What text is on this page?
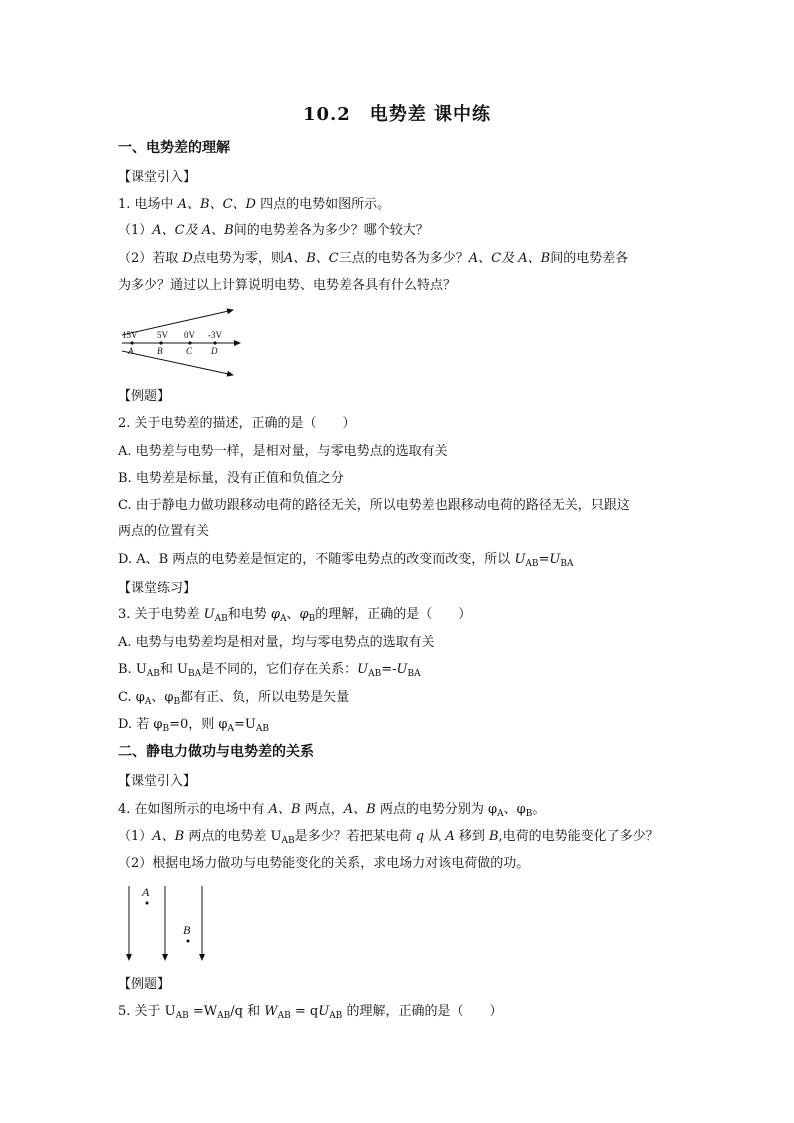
10.2　电势差 课中练
一、电势差的理解
【课堂引入】
1. 电场中 A、B、C、D 四点的电势如图所示。
（1）A、C及 A、B间的电势差各为多少？哪个较大？
（2）若取 D点电势为零，则A、B、C三点的电势各为多少？A、C及 A、B间的电势差各
为多少？通过以上计算说明电势、电势差各具有什么特点？
15V 5V 0V -3V
A	B	C D
【例题】
2. 关于电势差的描述，正确的是（　　）
A. 电势差与电势一样，是相对量，与零电势点的选取有关
B. 电势差是标量，没有正值和负值之分
C. 由于静电力做功跟移动电荷的路径无关，所以电势差也跟移动电荷的路径无关，只跟这
两点的位置有关
D. A、B 两点的电势差是恒定的，不随零电势点的改变而改变，所以 $U_{AB}=U_{BA}$
【课堂练习】
3. 关于电势差 $U_{AB}$和电势 $\varphi_A$、$\varphi_B$的理解，正确的是（　　）
A. 电势与电势差均是相对量，均与零电势点的选取有关
B. $U_{AB}$和 $U_{BA}$是不同的，它们存在关系：$U_{AB}=-U_{BA}$
C. $\varphi_A$、$\varphi_B$都有正、负，所以电势是矢量
D. 若 $\varphi_B=0$，则 $\varphi_A=U_{AB}$
二、静电力做功与电势差的关系
【课堂引入】
4. 在如图所示的电场中有 A、B 两点，A、B 两点的电势分别为 $\varphi_A$、$\varphi_B$。
（1）A、B 两点的电势差 $U_{AB}$是多少？若把某电荷 q 从 A 移到 B,电荷的电势能变化了多少？
（2）根据电场力做功与电势能变化的关系，求电场力对该电荷做的功。
A
B
【例题】
5. 关于 $U_{AB} =W_{AB}/q$ 和 $W_{AB} = qU_{AB}$ 的理解，正确的是（　　）
